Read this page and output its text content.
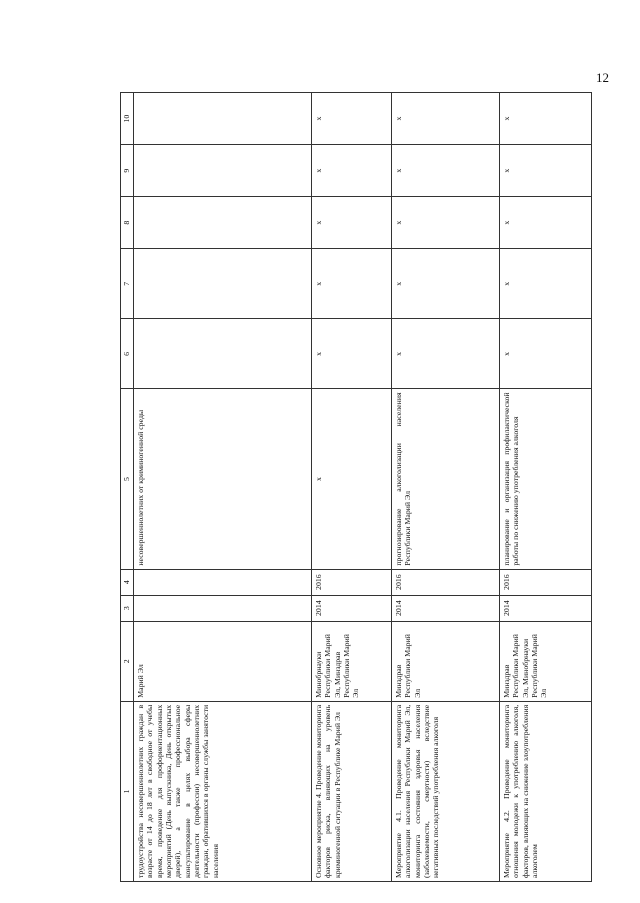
12
1	2	3	4	5	6	7	8	9	10
трудоустройства несовершеннолетних граждан в возрасте от 14 до 18 лет в свободное от учебы время, проведение для профориентационных мероприятий (День выпускника, День открытых дверей), а также профессиональное консультирование в целях выбора сферы деятельности (профессии) несовершеннолетних граждан, обратившихся в органы службы занятости населения	Марий Эл			несовершеннолетних от криминогенной среды					
Основное мероприятие 4. Проведение мониторинга факторов риска, влияющих на уровень криминогенной ситуации в Республике Марий Эл	Минобрнауки Республики Марий Эл, Минздрав Республики Марий Эл	2014	2016	x	x	x	x	x	x
Мероприятие 4.1. Проведение мониторинга алкоголизации населения Республики Марий Эл, мониторинга состояния здоровья населения (заболеваемости, смертности) вследствие негативных последствий употребления алкоголя	Минздрав Республики Марий Эл	2014	2016	прогнозирование алкоголизации населения Республики Марий Эл	x	x	x	x	x
Мероприятие 4.2. Проведение мониторинга отношения молодежи к употреблению алкоголя, факторов, влияющих на снижение злоупотребления алкоголем	Минздрав Республики Марий Эл, Минобрнауки Республики Марий Эл	2014	2016	планирование и организация профилактической работы по снижению употребления алкоголя	x	x	x	x	x
